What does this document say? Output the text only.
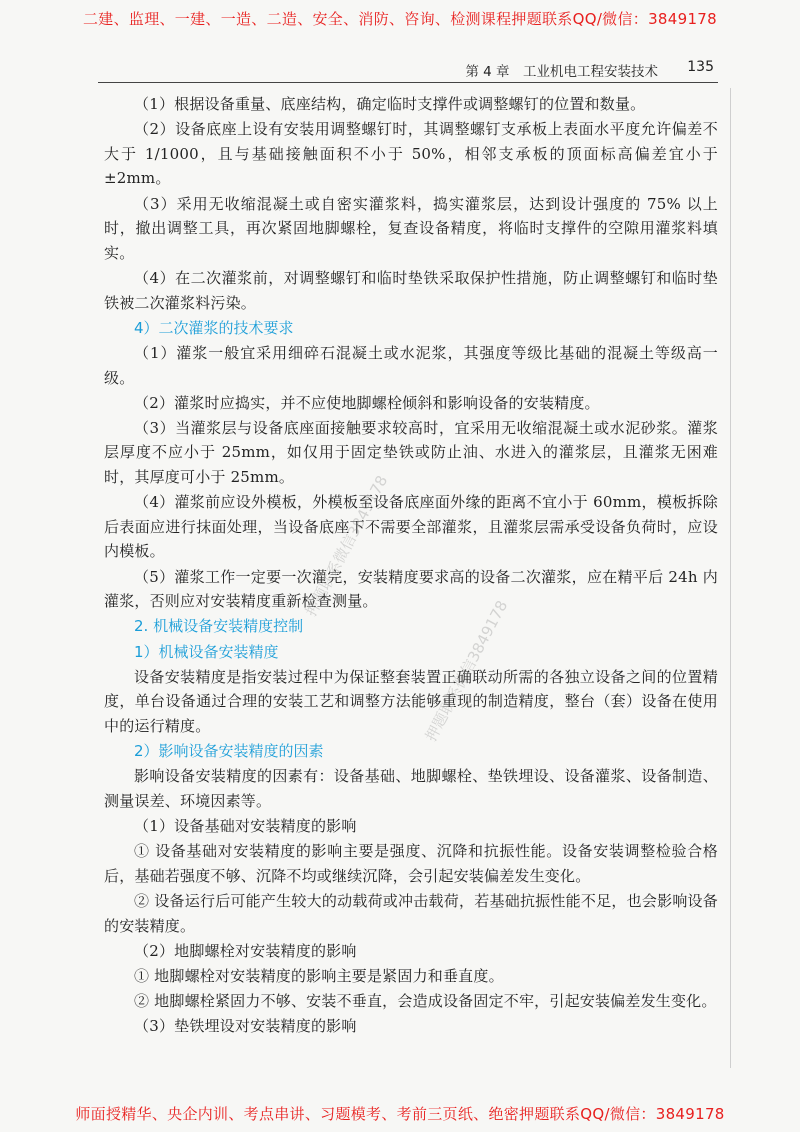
二建、监理、一建、一造、二造、安全、消防、咨询、检测课程押题联系QQ/微信：3849178
第 4 章　工业机电工程安装技术 135
（1）根据设备重量、底座结构，确定临时支撑件或调整螺钉的位置和数量。
（2）设备底座上设有安装用调整螺钉时，其调整螺钉支承板上表面水平度允许偏差不大于 1/1000，且与基础接触面积不小于 50%，相邻支承板的顶面标高偏差宜小于±2mm。
（3）采用无收缩混凝土或自密实灌浆料，捣实灌浆层，达到设计强度的 75% 以上时，撤出调整工具，再次紧固地脚螺栓，复查设备精度，将临时支撑件的空隙用灌浆料填实。
（4）在二次灌浆前，对调整螺钉和临时垫铁采取保护性措施，防止调整螺钉和临时垫铁被二次灌浆料污染。
4）二次灌浆的技术要求
（1）灌浆一般宜采用细碎石混凝土或水泥浆，其强度等级比基础的混凝土等级高一级。
（2）灌浆时应捣实，并不应使地脚螺栓倾斜和影响设备的安装精度。
（3）当灌浆层与设备底座面接触要求较高时，宜采用无收缩混凝土或水泥砂浆。灌浆层厚度不应小于 25mm，如仅用于固定垫铁或防止油、水进入的灌浆层，且灌浆无困难时，其厚度可小于 25mm。
（4）灌浆前应设外模板，外模板至设备底座面外缘的距离不宜小于 60mm，模板拆除后表面应进行抹面处理，当设备底座下不需要全部灌浆，且灌浆层需承受设备负荷时，应设内模板。
（5）灌浆工作一定要一次灌完，安装精度要求高的设备二次灌浆，应在精平后 24h 内灌浆，否则应对安装精度重新检查测量。
2. 机械设备安装精度控制
1）机械设备安装精度
设备安装精度是指安装过程中为保证整套装置正确联动所需的各独立设备之间的位置精度，单台设备通过合理的安装工艺和调整方法能够重现的制造精度，整台（套）设备在使用中的运行精度。
2）影响设备安装精度的因素
影响设备安装精度的因素有：设备基础、地脚螺栓、垫铁埋设、设备灌浆、设备制造、测量误差、环境因素等。
（1）设备基础对安装精度的影响
① 设备基础对安装精度的影响主要是强度、沉降和抗振性能。设备安装调整检验合格后，基础若强度不够、沉降不均或继续沉降，会引起安装偏差发生变化。
② 设备运行后可能产生较大的动载荷或冲击载荷，若基础抗振性能不足，也会影响设备的安装精度。
（2）地脚螺栓对安装精度的影响
① 地脚螺栓对安装精度的影响主要是紧固力和垂直度。
② 地脚螺栓紧固力不够、安装不垂直，会造成设备固定不牢，引起安装偏差发生变化。
（3）垫铁埋设对安装精度的影响
押题联系微信3849178
押题联系微信3849178
师面授精华、央企内训、考点串讲、习题模考、考前三页纸、绝密押题联系QQ/微信：3849178
